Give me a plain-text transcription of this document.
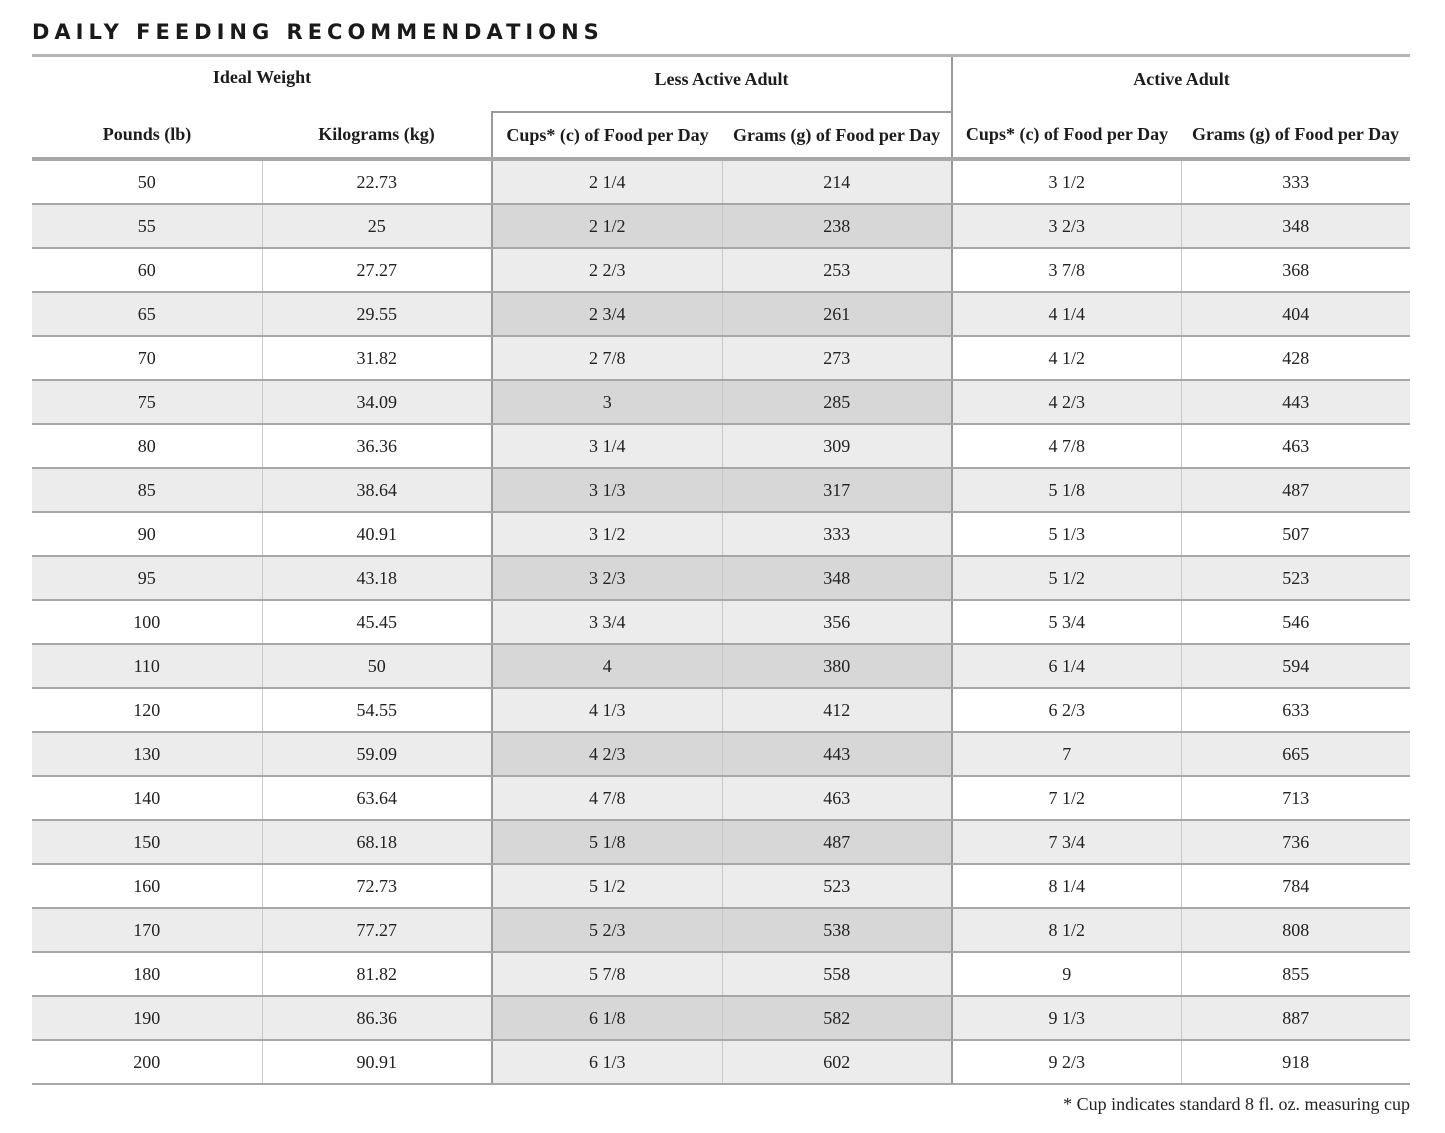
DAILY FEEDING RECOMMENDATIONS
Ideal Weight		Less Active Adult		Active Adult	
Pounds (lb)	Kilograms (kg)	Cups* (c) of Food per Day	Grams (g) of Food per Day	Cups* (c) of Food per Day	Grams (g) of Food per Day
50	22.73	2 1/4	214	3 1/2	333
55	25	2 1/2	238	3 2/3	348
60	27.27	2 2/3	253	3 7/8	368
65	29.55	2 3/4	261	4 1/4	404
70	31.82	2 7/8	273	4 1/2	428
75	34.09	3	285	4 2/3	443
80	36.36	3 1/4	309	4 7/8	463
85	38.64	3 1/3	317	5 1/8	487
90	40.91	3 1/2	333	5 1/3	507
95	43.18	3 2/3	348	5 1/2	523
100	45.45	3 3/4	356	5 3/4	546
110	50	4	380	6 1/4	594
120	54.55	4 1/3	412	6 2/3	633
130	59.09	4 2/3	443	7	665
140	63.64	4 7/8	463	7 1/2	713
150	68.18	5 1/8	487	7 3/4	736
160	72.73	5 1/2	523	8 1/4	784
170	77.27	5 2/3	538	8 1/2	808
180	81.82	5 7/8	558	9	855
190	86.36	6 1/8	582	9 1/3	887
200	90.91	6 1/3	602	9 2/3	918
* Cup indicates standard 8 fl. oz. measuring cup
